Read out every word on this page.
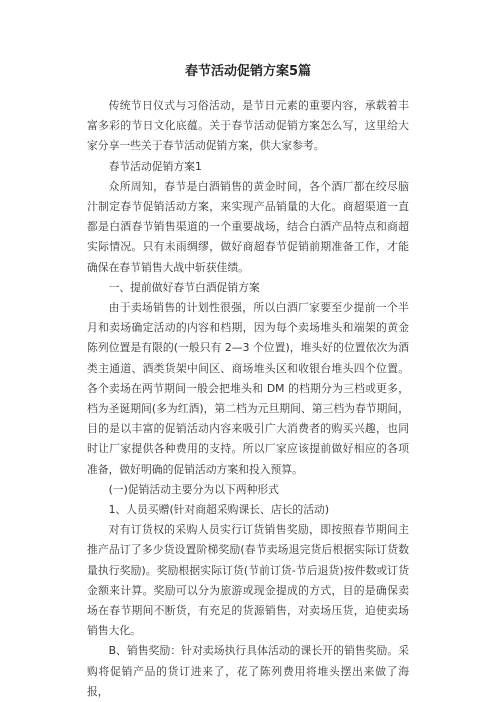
春节活动促销方案5篇

传统节日仪式与习俗活动，是节日元素的重要内容，承载着丰富多彩的节日文化底蕴。关于春节活动促销方案怎么写，这里给大家分享一些关于春节活动促销方案，供大家参考。

春节活动促销方案1

众所周知，春节是白酒销售的黄金时间，各个酒厂都在绞尽脑汁制定春节促销活动方案，来实现产品销量的大化。商超渠道一直都是白酒春节销售渠道的一个重要战场，结合白酒产品特点和商超实际情况。只有未雨绸缪，做好商超春节促销前期准备工作，才能确保在春节销售大战中斩获佳绩。

一、提前做好春节白酒促销方案

由于卖场销售的计划性很强，所以白酒厂家要至少提前一个半月和卖场确定活动的内容和档期，因为每个卖场堆头和端架的黄金陈列位置是有限的(一般只有 2—3 个位置)，堆头好的位置依次为酒类主通道、酒类货架中间区、商场堆头区和收银台堆头四个位置。各个卖场在两节期间一般会把堆头和 DM 的档期分为三档或更多，档为圣诞期间(多为红酒)，第二档为元旦期间、第三档为春节期间，目的是以丰富的促销活动内容来吸引广大消费者的购买兴趣，也同时让厂家提供各种费用的支持。所以厂家应该提前做好相应的各项准备，做好明确的促销活动方案和投入预算。

(一)促销活动主要分为以下两种形式

1、人员买赠(针对商超采购课长、店长的活动)

对有订货权的采购人员实行订货销售奖励，即按照春节期间主推产品订了多少货设置阶梯奖励(春节卖场退完货后根据实际订货数量执行奖励)。奖励根据实际订货(节前订货-节后退货)按件数或订货金额来计算。奖励可以分为旅游或现金提成的方式，目的是确保卖场在春节期间不断货，有充足的货源销售，对卖场压货，迫使卖场销售大化。

B、销售奖励：针对卖场执行具体活动的课长开的销售奖励。采购将促销产品的货订进来了，花了陈列费用将堆头摆出来做了海报，
